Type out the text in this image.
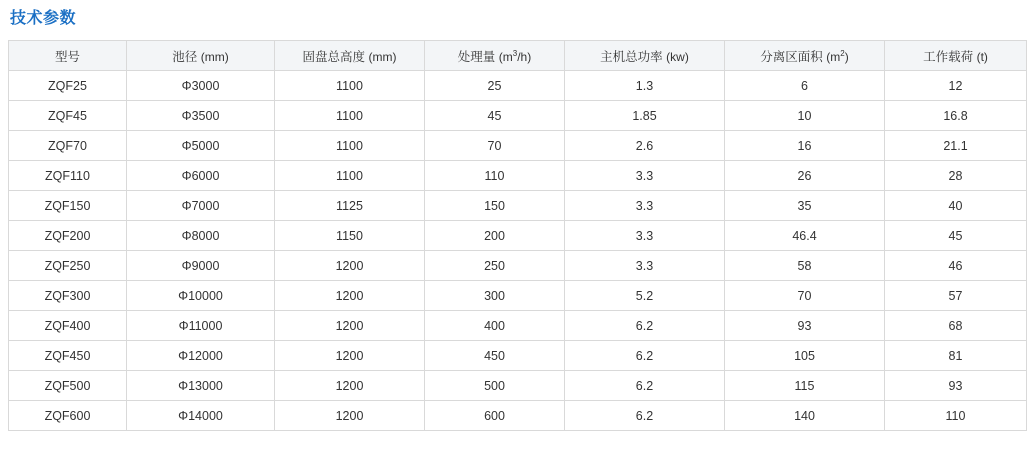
技术参数
型号	池径 (mm)	固盘总高度 (mm)	处理量 $(m^3/h)$	主机总功率 (kw)	分离区面积 $(m^2)$	工作载荷 (t)
ZQF25	Φ3000	1100	25	1.3	6	12
ZQF45	Φ3500	1100	45	1.85	10	16.8
ZQF70	Φ5000	1100	70	2.6	16	21.1
ZQF110	Φ6000	1100	110	3.3	26	28
ZQF150	Φ7000	1125	150	3.3	35	40
ZQF200	Φ8000	1150	200	3.3	46.4	45
ZQF250	Φ9000	1200	250	3.3	58	46
ZQF300	Φ10000	1200	300	5.2	70	57
ZQF400	Φ11000	1200	400	6.2	93	68
ZQF450	Φ12000	1200	450	6.2	105	81
ZQF500	Φ13000	1200	500	6.2	115	93
ZQF600	Φ14000	1200	600	6.2	140	110
